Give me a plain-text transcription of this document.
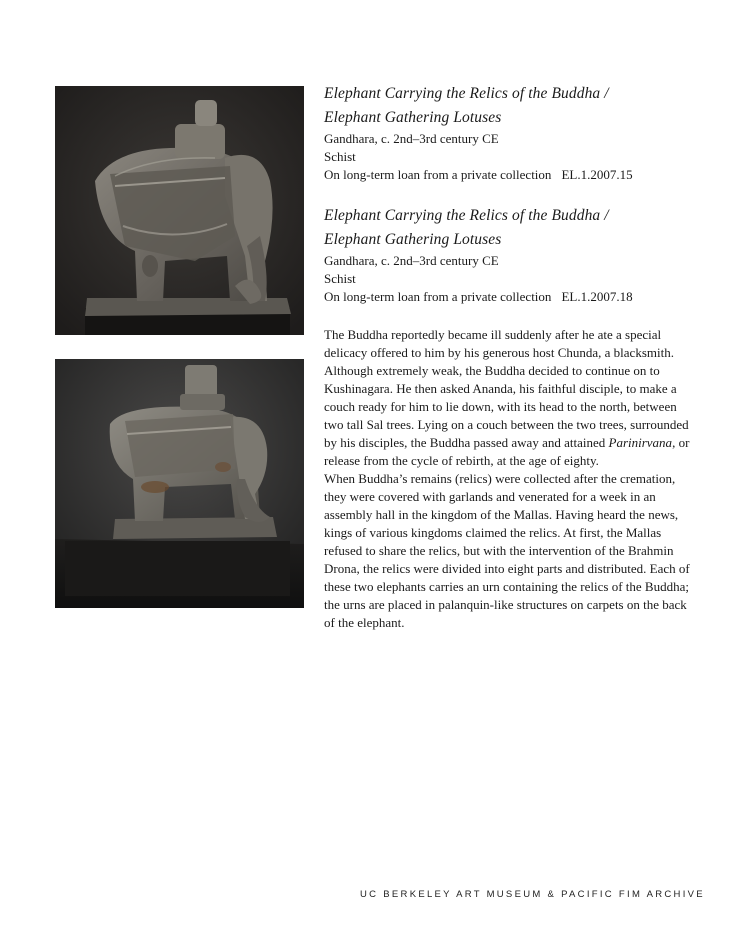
Elephant Carrying the Relics of the Buddha /

Elephant Gathering Lotuses

Gandhara, c. 2nd–3rd century CE

Schist

On long-term loan from a private collection EL.1.2007.15

Elephant Carrying the Relics of the Buddha /

Elephant Gathering Lotuses

Gandhara, c. 2nd–3rd century CE

Schist

On long-term loan from a private collection EL.1.2007.18

The Buddha reportedly became ill suddenly after he ate a special delicacy offered to him by his generous host Chunda, a blacksmith. Although extremely weak, the Buddha decided to continue on to Kushinagara. He then asked Ananda, his faithful disciple, to make a couch ready for him to lie down, with its head to the north, between two tall Sal trees. Lying on a couch between the two trees, surrounded by his disciples, the Buddha passed away and attained Parinirvana, or release from the cycle of rebirth, at the age of eighty.

When Buddha’s remains (relics) were collected after the cremation, they were covered with garlands and venerated for a week in an assembly hall in the kingdom of the Mallas. Having heard the news, kings of various kingdoms claimed the relics. At first, the Mallas refused to share the relics, but with the intervention of the Brahmin Drona, the relics were divided into eight parts and distributed. Each of these two elephants carries an urn containing the relics of the Buddha; the urns are placed in palanquin-like structures on carpets on the back of the elephant.

UC BERKELEY ART MUSEUM & PACIFIC FIM ARCHIVE
